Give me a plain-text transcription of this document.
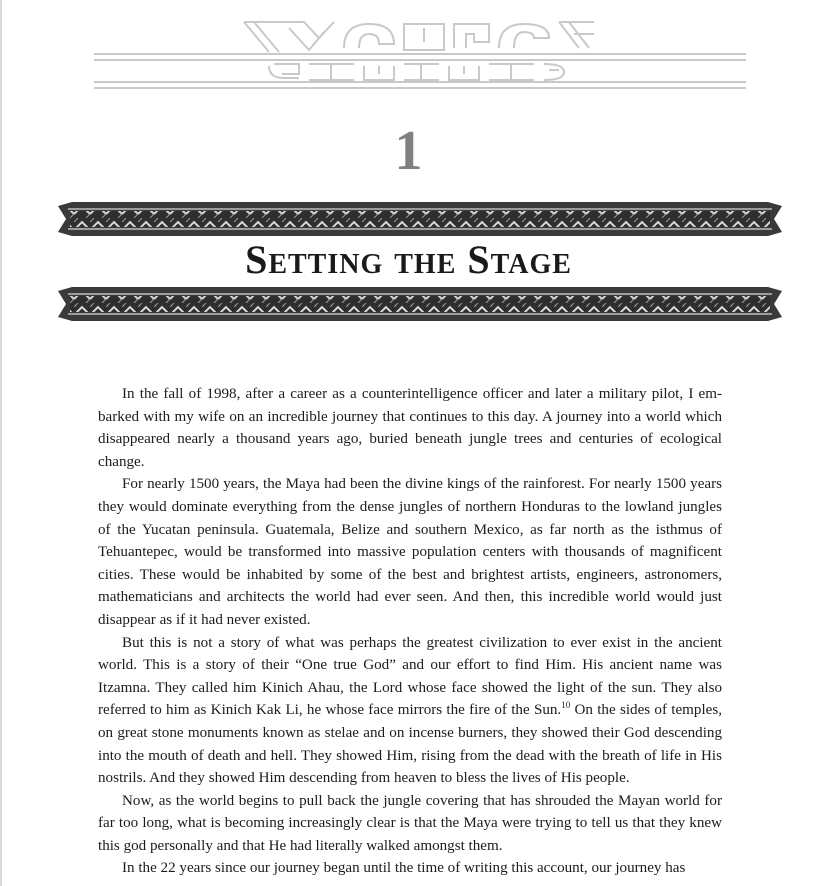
1
Setting the Stage

In the fall of 1998, after a career as a counterintelligence officer and later a military pilot, I embarked with my wife on an incredible journey that continues to this day. A journey into a world which disappeared nearly a thousand years ago, buried beneath jungle trees and centuries of ecological change.

For nearly 1500 years, the Maya had been the divine kings of the rainforest. For nearly 1500 years they would dominate everything from the dense jungles of northern Honduras to the lowland jungles of the Yucatan peninsula. Guatemala, Belize and southern Mexico, as far north as the isthmus of Tehuantepec, would be transformed into massive population centers with thousands of magnificent cities. These would be inhabited by some of the best and brightest artists, engineers, astronomers, mathematicians and architects the world had ever seen. And then, this incredible world would just disappear as if it had never existed.

But this is not a story of what was perhaps the greatest civilization to ever exist in the ancient world. This is a story of their “One true God” and our effort to find Him. His ancient name was Itzamna. They called him Kinich Ahau, the Lord whose face showed the light of the sun. They also referred to him as Kinich Kak Li, he whose face mirrors the fire of the Sun.$^{10}$ On the sides of temples, on great stone monuments known as stelae and on incense burners, they showed their God descending into the mouth of death and hell. They showed Him, rising from the dead with the breath of life in His nostrils. And they showed Him descending from heaven to bless the lives of His people.

Now, as the world begins to pull back the jungle covering that has shrouded the Mayan world for far too long, what is becoming increasingly clear is that the Maya were trying to tell us that they knew this god personally and that He had literally walked amongst them.

In the 22 years since our journey began until the time of writing this account, our journey has
